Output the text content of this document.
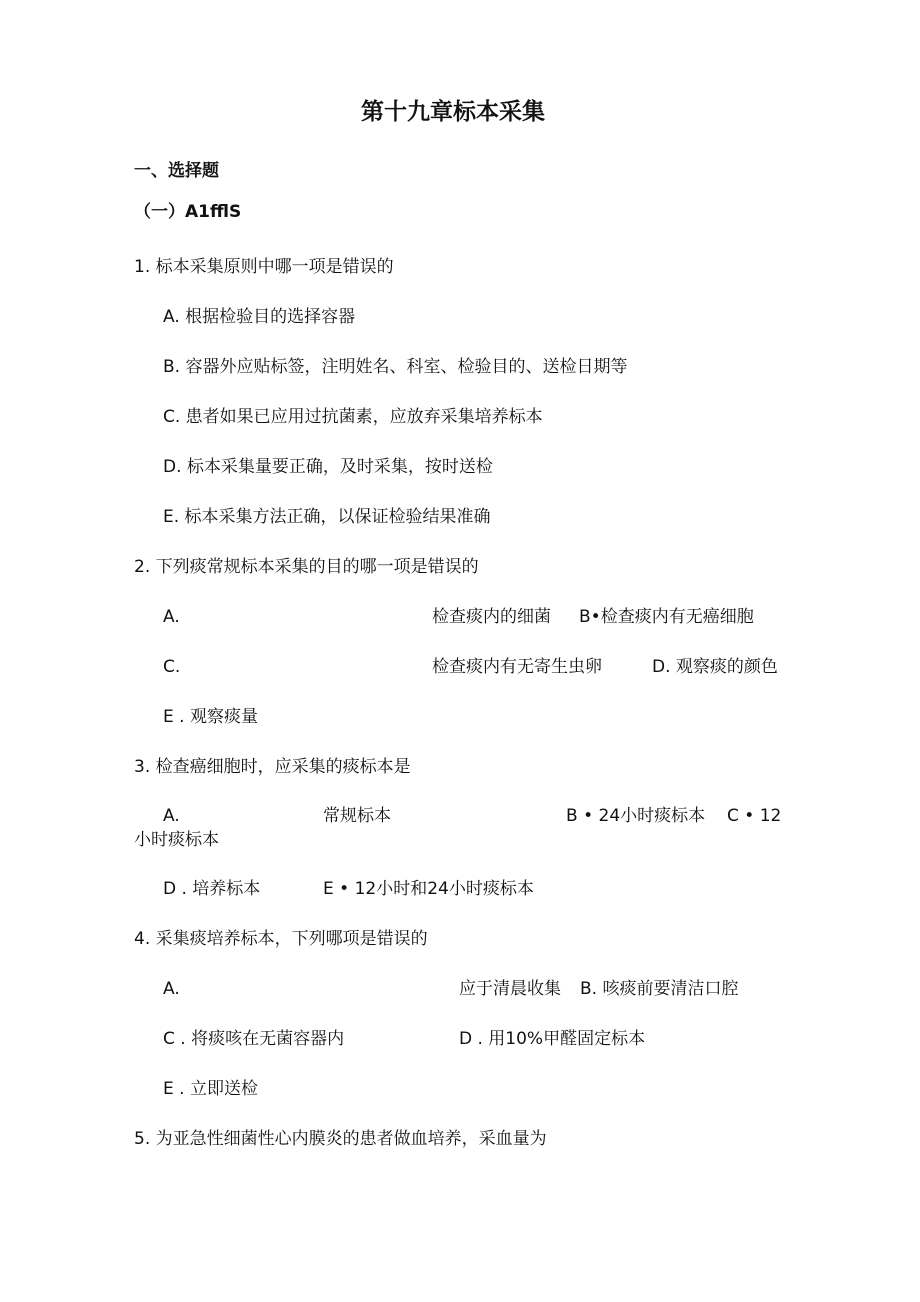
第十九章标本采集
一、选择题
（一）A1fflS
1. 标本采集原则中哪一项是错误的
A. 根据检验目的选择容器
B. 容器外应贴标签，注明姓名、科室、检验目的、送检日期等
C. 患者如果已应用过抗菌素，应放弃采集培养标本
D. 标本采集量要正确，及时采集，按时送检
E. 标本采集方法正确，以保证检验结果准确
2. 下列痰常规标本采集的目的哪一项是错误的
A.	检查痰内的细菌 B•检查痰内有无癌细胞
C.	检查痰内有无寄生虫卵	D. 观察痰的颜色
E . 观察痰量
3. 检查癌细胞时，应采集的痰标本是
A.	常规标本	B • 24小时痰标本 C • 12
小时痰标本
D . 培养标本	E • 12小时和24小时痰标本
4. 采集痰培养标本，下列哪项是错误的
A.	应于清晨收集 B. 咳痰前要清洁口腔
C . 将痰咳在无菌容器内	D . 用10%甲醛固定标本
E . 立即送检
5. 为亚急性细菌性心内膜炎的患者做血培养，采血量为
